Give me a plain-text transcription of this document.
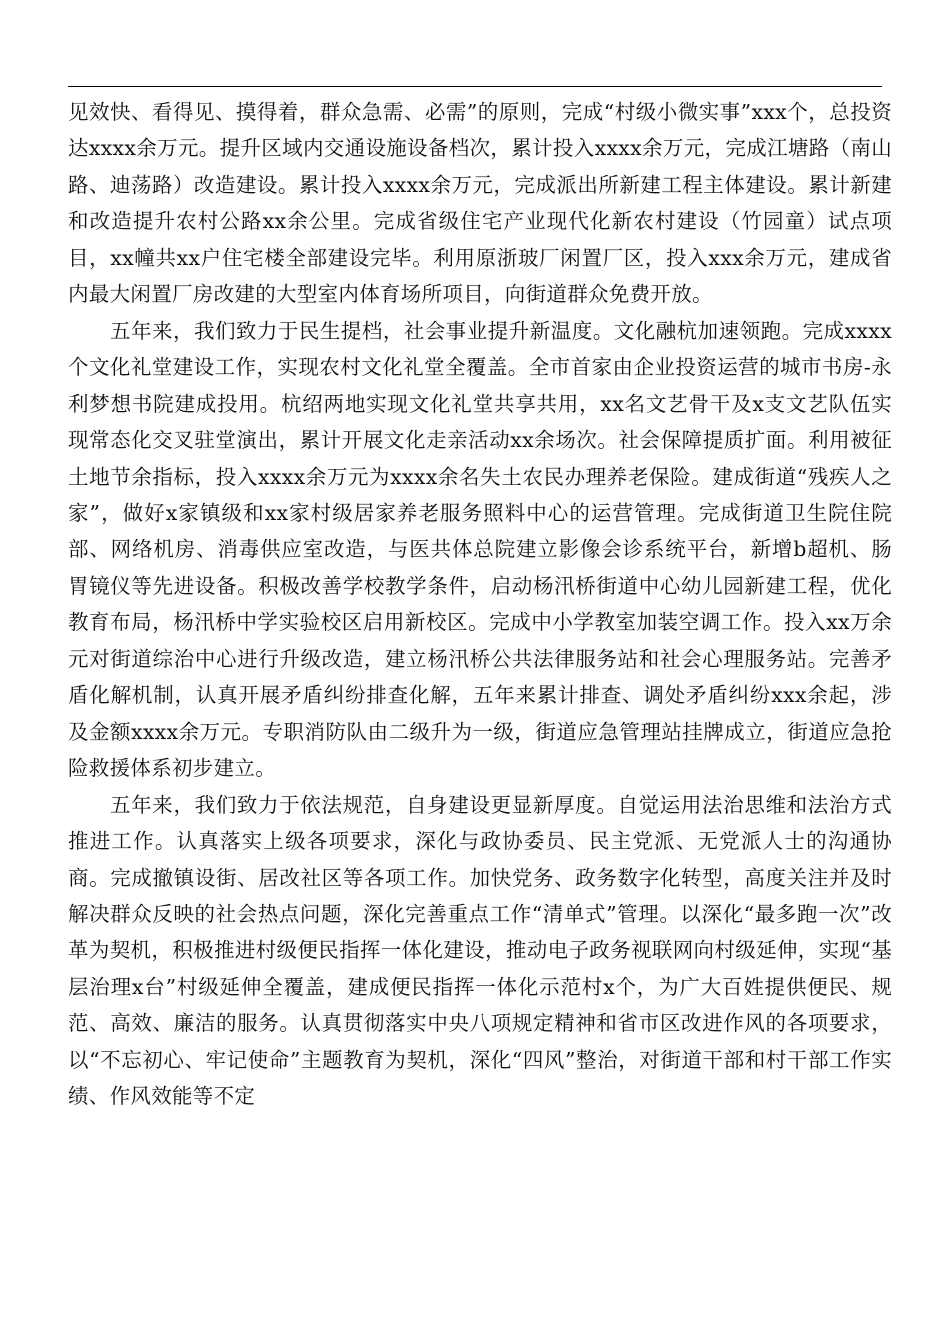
见效快、看得见、摸得着，群众急需、必需”的原则，完成“村级小微实事”xxx个，总投资达xxxx余万元。提升区域内交通设施设备档次，累计投入xxxx余万元，完成江塘路（南山路、迪荡路）改造建设。累计投入xxxx余万元，完成派出所新建工程主体建设。累计新建和改造提升农村公路xx余公里。完成省级住宅产业现代化新农村建设（竹园童）试点项目，xx幢共xx户住宅楼全部建设完毕。利用原浙玻厂闲置厂区，投入xxx余万元，建成省内最大闲置厂房改建的大型室内体育场所项目，向街道群众免费开放。

五年来，我们致力于民生提档，社会事业提升新温度。文化融杭加速领跑。完成xxxx个文化礼堂建设工作，实现农村文化礼堂全覆盖。全市首家由企业投资运营的城市书房-永利梦想书院建成投用。杭绍两地实现文化礼堂共享共用，xx名文艺骨干及x支文艺队伍实现常态化交叉驻堂演出，累计开展文化走亲活动xx余场次。社会保障提质扩面。利用被征土地节余指标，投入xxxx余万元为xxxx余名失土农民办理养老保险。建成街道“残疾人之家”，做好x家镇级和xx家村级居家养老服务照料中心的运营管理。完成街道卫生院住院部、网络机房、消毒供应室改造，与医共体总院建立影像会诊系统平台，新增b超机、肠胃镜仪等先进设备。积极改善学校教学条件，启动杨汛桥街道中心幼儿园新建工程，优化教育布局，杨汛桥中学实验校区启用新校区。完成中小学教室加装空调工作。投入xx万余元对街道综治中心进行升级改造，建立杨汛桥公共法律服务站和社会心理服务站。完善矛盾化解机制，认真开展矛盾纠纷排查化解，五年来累计排查、调处矛盾纠纷xxx余起，涉及金额xxxx余万元。专职消防队由二级升为一级，街道应急管理站挂牌成立，街道应急抢险救援体系初步建立。

五年来，我们致力于依法规范，自身建设更显新厚度。自觉运用法治思维和法治方式推进工作。认真落实上级各项要求，深化与政协委员、民主党派、无党派人士的沟通协商。完成撤镇设街、居改社区等各项工作。加快党务、政务数字化转型，高度关注并及时解决群众反映的社会热点问题，深化完善重点工作“清单式”管理。以深化“最多跑一次”改革为契机，积极推进村级便民指挥一体化建设，推动电子政务视联网向村级延伸，实现“基层治理x台”村级延伸全覆盖，建成便民指挥一体化示范村x个，为广大百姓提供便民、规范、高效、廉洁的服务。认真贯彻落实中央八项规定精神和省市区改进作风的各项要求，以“不忘初心、牢记使命”主题教育为契机，深化“四风”整治，对街道干部和村干部工作实绩、作风效能等不定
